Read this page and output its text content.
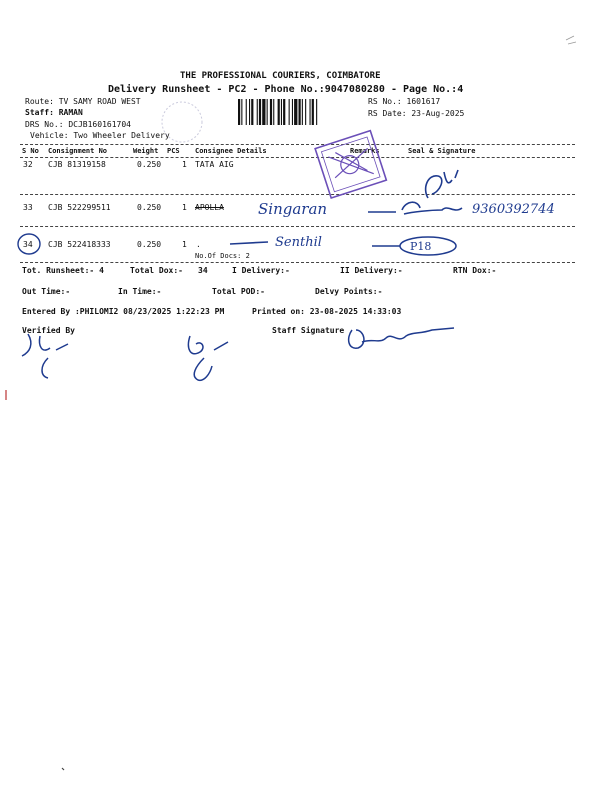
THE PROFESSIONAL COURIERS, COIMBATORE
Delivery Runsheet - PC2 - Phone No.:9047080280 - Page No.:4
Route: TV SAMY ROAD WEST
Staff: RAMAN
DRS No.: DCJB160161704
Vehicle: Two Wheeler Delivery
RS No.: 1601617
RS Date: 23-Aug-2025
S No Consignment No	Weight PCS Consignee Details	Remarks	Seal & Signature
32 CJB 81319158	0.250	1 TATA AIG
33 CJB 522299511	0.250	1 APOLLA
34 CJB 522418333	0.250	1 .
No.Of Docs: 2
Tot. Runsheet:- 4	Total Dox:- 34	I Delivery:-	II Delivery:-	RTN Dox:-
Out Time:-	In Time:-	Total POD:-	Delvy Points:-
Entered By :PHILOMI2 08/23/2025 1:22:23 PM	Printed on: 23-08-2025 14:33:03
Verified By	Staff Signature
Singaran	9360392744
Senthil	P18
